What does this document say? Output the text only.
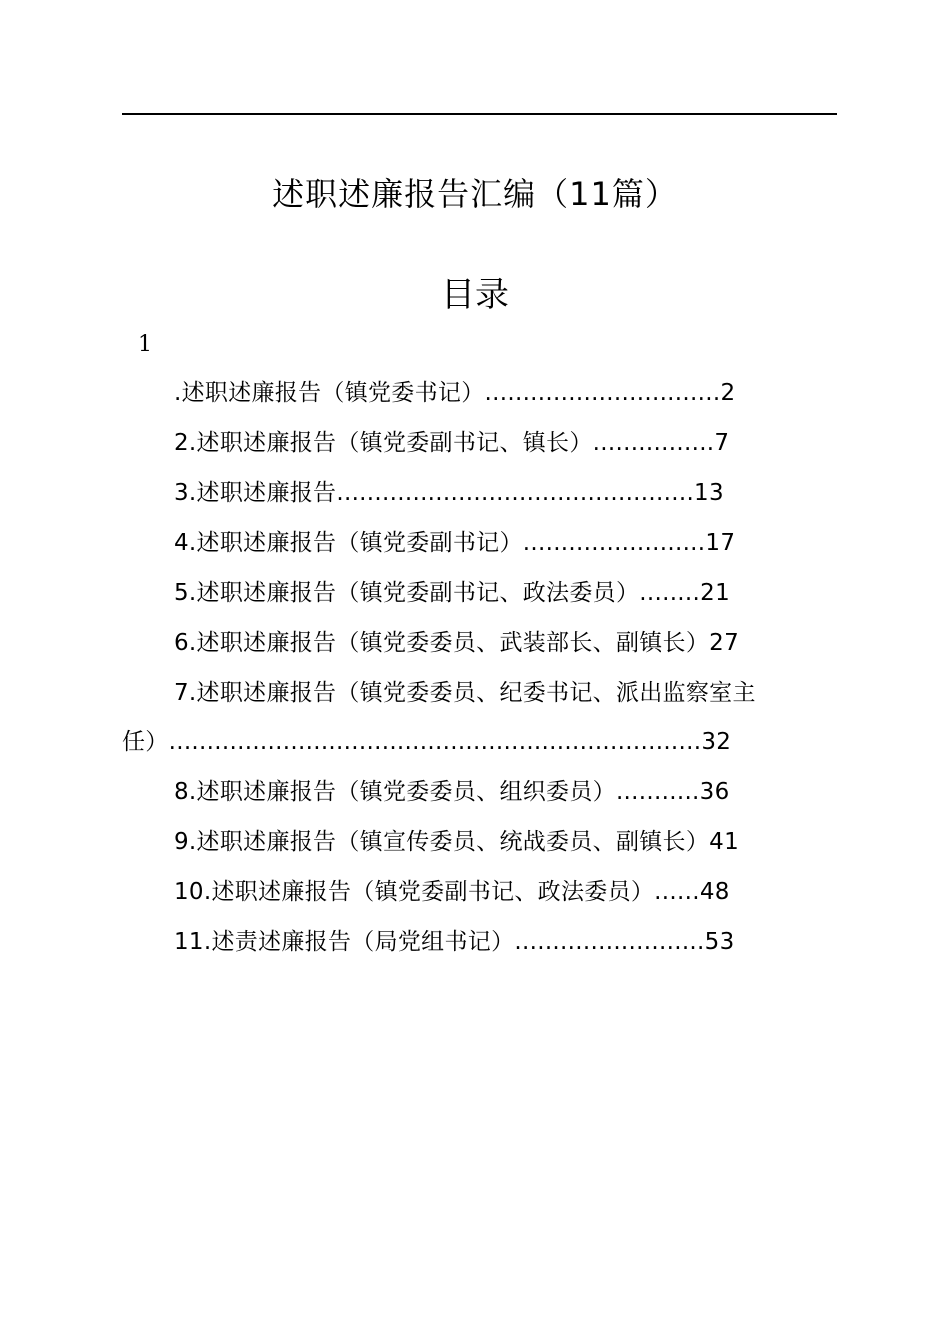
述职述廉报告汇编（11篇）
目录
1
.述职述廉报告（镇党委书记）...............................2
2.述职述廉报告（镇党委副书记、镇长）................7
3.述职述廉报告...............................................13
4.述职述廉报告（镇党委副书记）........................17
5.述职述廉报告（镇党委副书记、政法委员）........21
6.述职述廉报告（镇党委委员、武装部长、副镇长）27
7.述职述廉报告（镇党委委员、纪委书记、派出监察室主
任）......................................................................32
8.述职述廉报告（镇党委委员、组织委员）...........36
9.述职述廉报告（镇宣传委员、统战委员、副镇长）41
10.述职述廉报告（镇党委副书记、政法委员）......48
11.述责述廉报告（局党组书记）.........................53
